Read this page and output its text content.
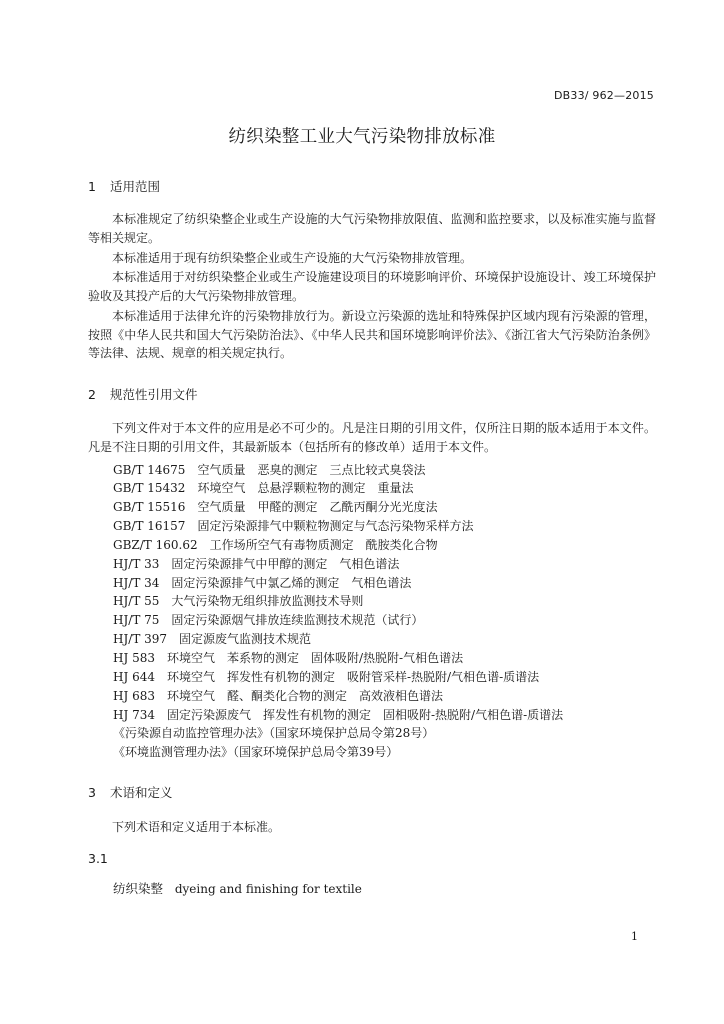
DB33/ 962—2015
纺织染整工业大气污染物排放标准
1 适用范围

本标准规定了纺织染整企业或生产设施的大气污染物排放限值、监测和监控要求，以及标准实施与监督等相关规定。

本标准适用于现有纺织染整企业或生产设施的大气污染物排放管理。

本标准适用于对纺织染整企业或生产设施建设项目的环境影响评价、环境保护设施设计、竣工环境保护验收及其投产后的大气污染物排放管理。

本标准适用于法律允许的污染物排放行为。新设立污染源的选址和特殊保护区域内现有污染源的管理，按照《中华人民共和国大气污染防治法》、《中华人民共和国环境影响评价法》、《浙江省大气污染防治条例》等法律、法规、规章的相关规定执行。

2 规范性引用文件

下列文件对于本文件的应用是必不可少的。凡是注日期的引用文件，仅所注日期的版本适用于本文件。凡是不注日期的引用文件，其最新版本（包括所有的修改单）适用于本文件。

GB/T 14675　空气质量　恶臭的测定　三点比较式臭袋法
GB/T 15432　环境空气　总悬浮颗粒物的测定　重量法
GB/T 15516　空气质量　甲醛的测定　乙酰丙酮分光光度法
GB/T 16157　固定污染源排气中颗粒物测定与气态污染物采样方法
GBZ/T 160.62　工作场所空气有毒物质测定　酰胺类化合物
HJ/T 33　固定污染源排气中甲醇的测定　气相色谱法
HJ/T 34　固定污染源排气中氯乙烯的测定　气相色谱法
HJ/T 55　大气污染物无组织排放监测技术导则
HJ/T 75　固定污染源烟气排放连续监测技术规范（试行）
HJ/T 397　固定源废气监测技术规范
HJ 583　环境空气　苯系物的测定　固体吸附/热脱附-气相色谱法
HJ 644　环境空气　挥发性有机物的测定　吸附管采样-热脱附/气相色谱-质谱法
HJ 683　环境空气　醛、酮类化合物的测定　高效液相色谱法
HJ 734　固定污染源废气　挥发性有机物的测定　固相吸附-热脱附/气相色谱-质谱法
《污染源自动监控管理办法》（国家环境保护总局令第28号）
《环境监测管理办法》（国家环境保护总局令第39号）
3 术语和定义

下列术语和定义适用于本标准。

3.1
纺织染整 dyeing and finishing for textile
1
